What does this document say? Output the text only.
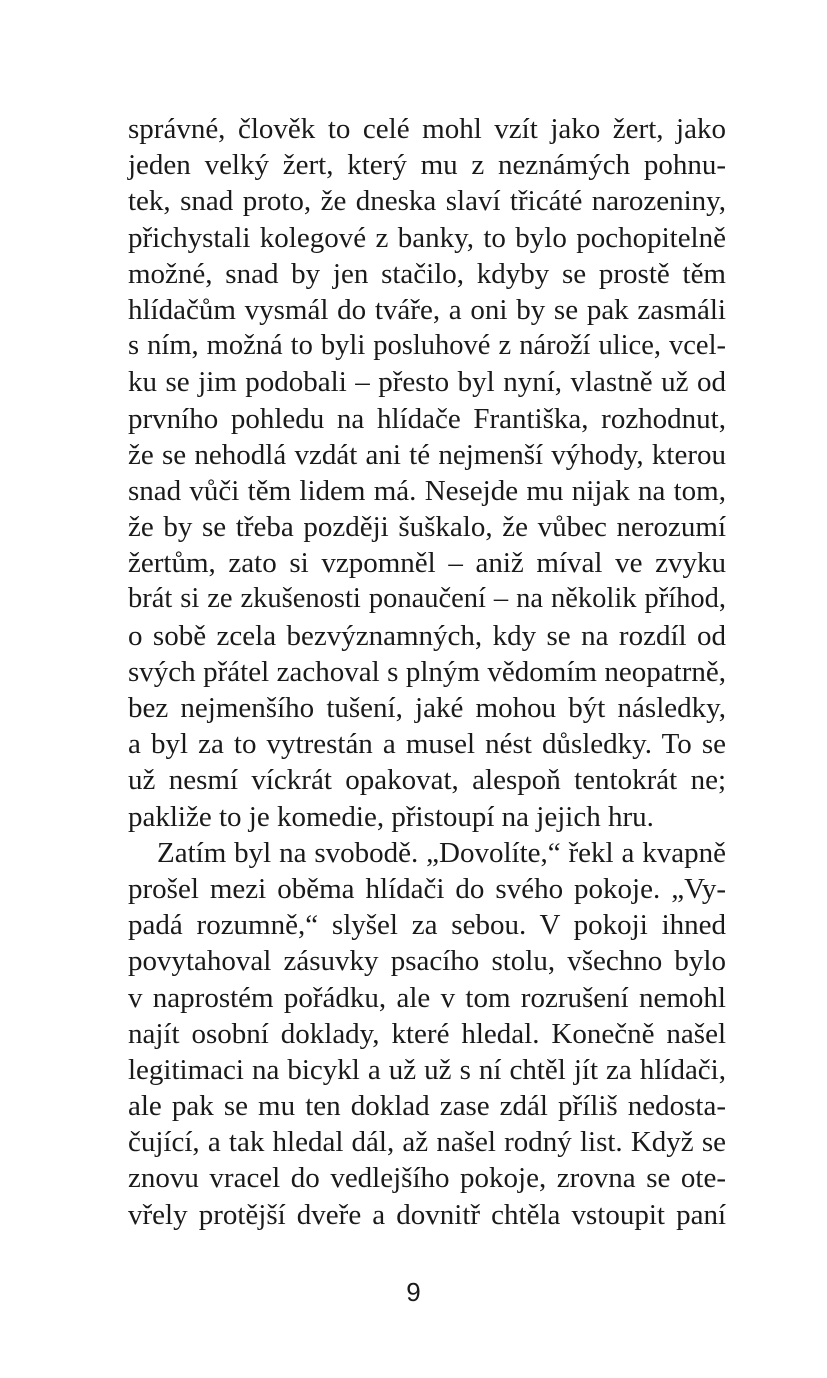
správné, člověk to celé mohl vzít jako žert, jako
jeden velký žert, který mu z neznámých pohnu-
tek, snad proto, že dneska slaví třicáté narozeniny,
přichystali kolegové z banky, to bylo pochopitelně
možné, snad by jen stačilo, kdyby se prostě těm
hlídačům vysmál do tváře, a oni by se pak zasmáli
s ním, možná to byli posluhové z nároží ulice, vcel-
ku se jim podobali – přesto byl nyní, vlastně už od
prvního pohledu na hlídače Františka, rozhodnut,
že se nehodlá vzdát ani té nejmenší výhody, kterou
snad vůči těm lidem má. Nesejde mu nijak na tom,
že by se třeba později šuškalo, že vůbec nerozumí
žertům, zato si vzpomněl – aniž míval ve zvyku
brát si ze zkušenosti ponaučení – na několik příhod,
o sobě zcela bezvýznamných, kdy se na rozdíl od
svých přátel zachoval s plným vědomím neopatrně,
bez nejmenšího tušení, jaké mohou být následky,
a byl za to vytrestán a musel nést důsledky. To se
už nesmí víckrát opakovat, alespoň tentokrát ne;
pakliže to je komedie, přistoupí na jejich hru.
Zatím byl na svobodě. „Dovolíte,“ řekl a kvapně
prošel mezi oběma hlídači do svého pokoje. „Vy-
padá rozumně,“ slyšel za sebou. V pokoji ihned
povytahoval zásuvky psacího stolu, všechno bylo
v naprostém pořádku, ale v tom rozrušení nemohl
najít osobní doklady, které hledal. Konečně našel
legitimaci na bicykl a už už s ní chtěl jít za hlídači,
ale pak se mu ten doklad zase zdál příliš nedosta-
čující, a tak hledal dál, až našel rodný list. Když se
znovu vracel do vedlejšího pokoje, zrovna se ote-
vřely protější dveře a dovnitř chtěla vstoupit paní
9
